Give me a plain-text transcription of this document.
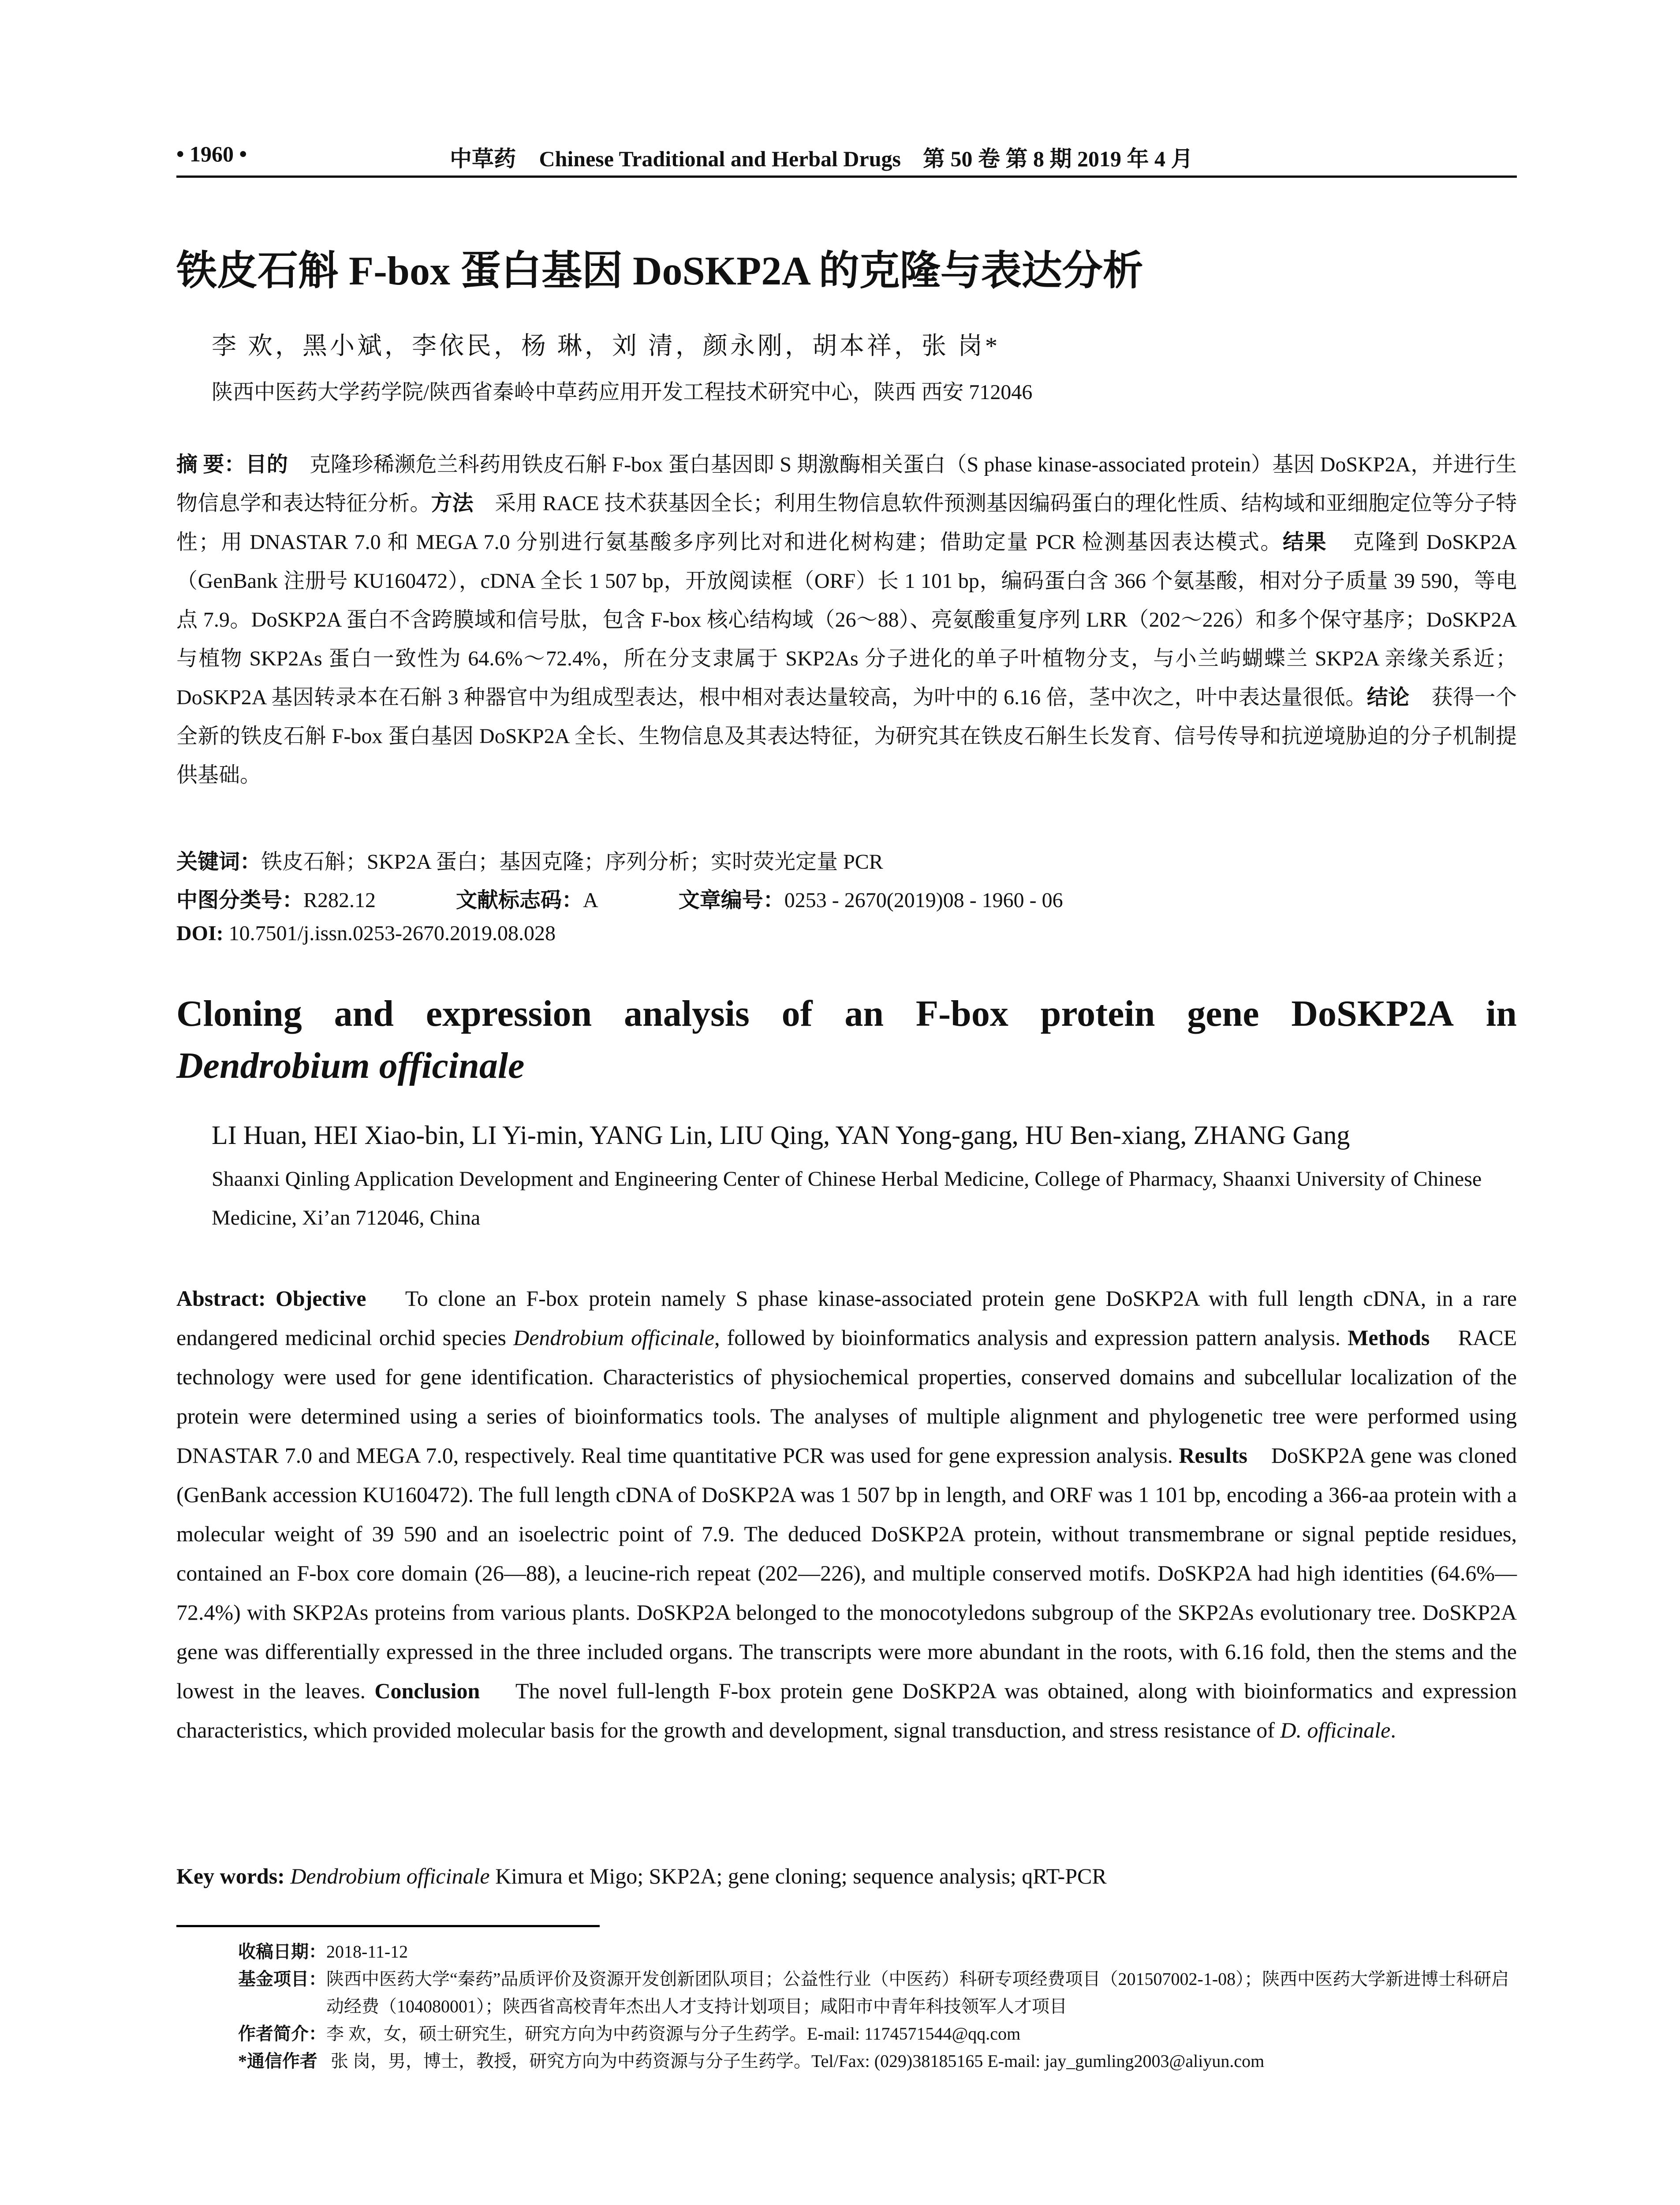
• 1960 •	中草药 Chinese Traditional and Herbal Drugs 第 50 卷 第 8 期 2019 年 4 月
铁皮石斛 F-box 蛋白基因 DoSKP2A 的克隆与表达分析
李 欢，黑小斌，李依民，杨 琳，刘 清，颜永刚，胡本祥，张 岗*
陕西中医药大学药学院/陕西省秦岭中草药应用开发工程技术研究中心，陕西 西安 712046
摘 要：目的 克隆珍稀濒危兰科药用铁皮石斛 F-box 蛋白基因即 S 期激酶相关蛋白（S phase kinase-associated protein）基因 DoSKP2A，并进行生物信息学和表达特征分析。方法 采用 RACE 技术获基因全长；利用生物信息软件预测基因编码蛋白的理化性质、结构域和亚细胞定位等分子特性；用 DNASTAR 7.0 和 MEGA 7.0 分别进行氨基酸多序列比对和进化树构建；借助定量 PCR 检测基因表达模式。结果 克隆到 DoSKP2A（GenBank 注册号 KU160472），cDNA 全长 1 507 bp，开放阅读框（ORF）长 1 101 bp，编码蛋白含 366 个氨基酸，相对分子质量 39 590，等电点 7.9。DoSKP2A 蛋白不含跨膜域和信号肽，包含 F-box 核心结构域（26～88）、亮氨酸重复序列 LRR（202～226）和多个保守基序；DoSKP2A 与植物 SKP2As 蛋白一致性为 64.6%～72.4%，所在分支隶属于 SKP2As 分子进化的单子叶植物分支，与小兰屿蝴蝶兰 SKP2A 亲缘关系近；DoSKP2A 基因转录本在石斛 3 种器官中为组成型表达，根中相对表达量较高，为叶中的 6.16 倍，茎中次之，叶中表达量很低。结论 获得一个全新的铁皮石斛 F-box 蛋白基因 DoSKP2A 全长、生物信息及其表达特征，为研究其在铁皮石斛生长发育、信号传导和抗逆境胁迫的分子机制提供基础。
关键词：铁皮石斛；SKP2A 蛋白；基因克隆；序列分析；实时荧光定量 PCR
中图分类号：R282.12	文献标志码：A	文章编号：0253 - 2670(2019)08 - 1960 - 06
DOI: 10.7501/j.issn.0253-2670.2019.08.028
Cloning and expression analysis of an F-box protein gene DoSKP2A in
Dendrobium officinale
LI Huan, HEI Xiao-bin, LI Yi-min, YANG Lin, LIU Qing, YAN Yong-gang, HU Ben-xiang, ZHANG Gang
Shaanxi Qinling Application Development and Engineering Center of Chinese Herbal Medicine, College of Pharmacy, Shaanxi University of Chinese Medicine, Xi’an 712046, China
Abstract: Objective To clone an F-box protein namely S phase kinase-associated protein gene DoSKP2A with full length cDNA, in a rare endangered medicinal orchid species Dendrobium officinale, followed by bioinformatics analysis and expression pattern analysis. Methods RACE technology were used for gene identification. Characteristics of physiochemical properties, conserved domains and subcellular localization of the protein were determined using a series of bioinformatics tools. The analyses of multiple alignment and phylogenetic tree were performed using DNASTAR 7.0 and MEGA 7.0, respectively. Real time quantitative PCR was used for gene expression analysis. Results DoSKP2A gene was cloned (GenBank accession KU160472). The full length cDNA of DoSKP2A was 1 507 bp in length, and ORF was 1 101 bp, encoding a 366-aa protein with a molecular weight of 39 590 and an isoelectric point of 7.9. The deduced DoSKP2A protein, without transmembrane or signal peptide residues, contained an F-box core domain (26—88), a leucine-rich repeat (202—226), and multiple conserved motifs. DoSKP2A had high identities (64.6%—72.4%) with SKP2As proteins from various plants. DoSKP2A belonged to the monocotyledons subgroup of the SKP2As evolutionary tree. DoSKP2A gene was differentially expressed in the three included organs. The transcripts were more abundant in the roots, with 6.16 fold, then the stems and the lowest in the leaves. Conclusion The novel full-length F-box protein gene DoSKP2A was obtained, along with bioinformatics and expression characteristics, which provided molecular basis for the growth and development, signal transduction, and stress resistance of D. officinale.
Key words: Dendrobium officinale Kimura et Migo; SKP2A; gene cloning; sequence analysis; qRT-PCR
收稿日期： 2018-11-12
基金项目： 陕西中医药大学“秦药”品质评价及资源开发创新团队项目；公益性行业（中医药）科研专项经费项目（201507002-1-08）；陕西中医药大学新进博士科研启动经费（104080001）；陕西省高校青年杰出人才支持计划项目；咸阳市中青年科技领军人才项目
作者简介： 李 欢，女，硕士研究生，研究方向为中药资源与分子生药学。E-mail: 1174571544@qq.com
*通信作者
张 岗，男，博士，教授，研究方向为中药资源与分子生药学。Tel/Fax: (029)38185165 E-mail: jay_gumling2003@aliyun.com
